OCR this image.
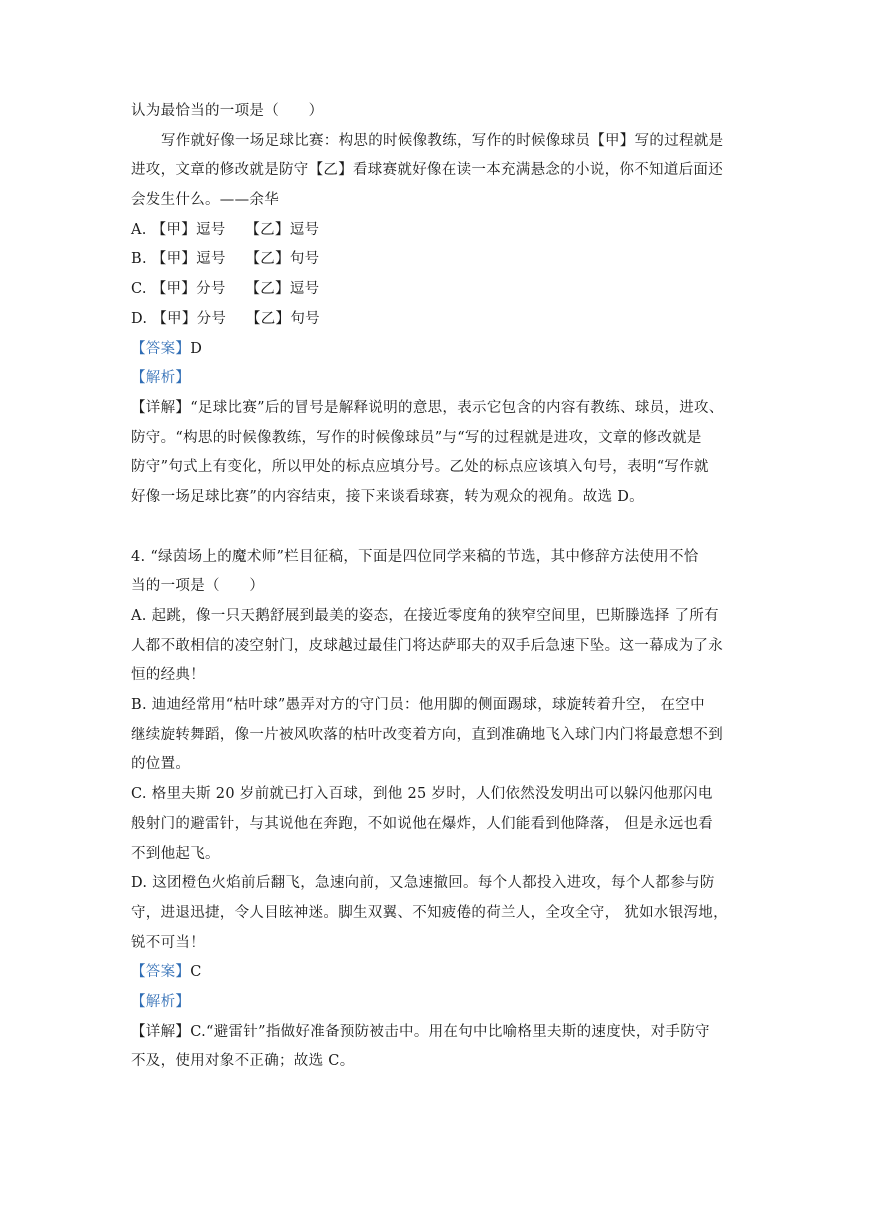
认为最恰当的一项是（　　）
写作就好像一场足球比赛：构思的时候像教练，写作的时候像球员【甲】写的过程就是
进攻，文章的修改就是防守【乙】看球赛就好像在读一本充满悬念的小说，你不知道后面还
会发生什么。——余华
A. 【甲】逗号　 【乙】逗号
B. 【甲】逗号　 【乙】句号
C. 【甲】分号　 【乙】逗号
D. 【甲】分号　 【乙】句号
【答案】D
【解析】
【详解】“足球比赛”后的冒号是解释说明的意思，表示它包含的内容有教练、球员，进攻、
防守。“构思的时候像教练，写作的时候像球员”与“写的过程就是进攻，文章的修改就是
防守”句式上有变化，所以甲处的标点应填分号。乙处的标点应该填入句号，表明“写作就
好像一场足球比赛”的内容结束，接下来谈看球赛，转为观众的视角。故选 D。
4. “绿茵场上的魔术师”栏目征稿，下面是四位同学来稿的节选，其中修辞方法使用不恰
当的一项是（　　）
A. 起跳，像一只天鹅舒展到最美的姿态，在接近零度角的狭窄空间里，巴斯滕选择 了所有
人都不敢相信的凌空射门，皮球越过最佳门将达萨耶夫的双手后急速下坠。这一幕成为了永
恒的经典！
B. 迪迪经常用“枯叶球”愚弄对方的守门员：他用脚的侧面踢球，球旋转着升空， 在空中
继续旋转舞蹈，像一片被风吹落的枯叶改变着方向，直到准确地飞入球门内门将最意想不到
的位置。
C. 格里夫斯 20 岁前就已打入百球，到他 25 岁时，人们依然没发明出可以躲闪他那闪电
般射门的避雷针，与其说他在奔跑，不如说他在爆炸，人们能看到他降落， 但是永远也看
不到他起飞。
D. 这团橙色火焰前后翻飞，急速向前，又急速撤回。每个人都投入进攻，每个人都参与防
守，进退迅捷，令人目眩神迷。脚生双翼、不知疲倦的荷兰人，全攻全守， 犹如水银泻地，
锐不可当！
【答案】C
【解析】
【详解】C.“避雷针”指做好准备预防被击中。用在句中比喻格里夫斯的速度快，对手防守
不及，使用对象不正确；故选 C。
